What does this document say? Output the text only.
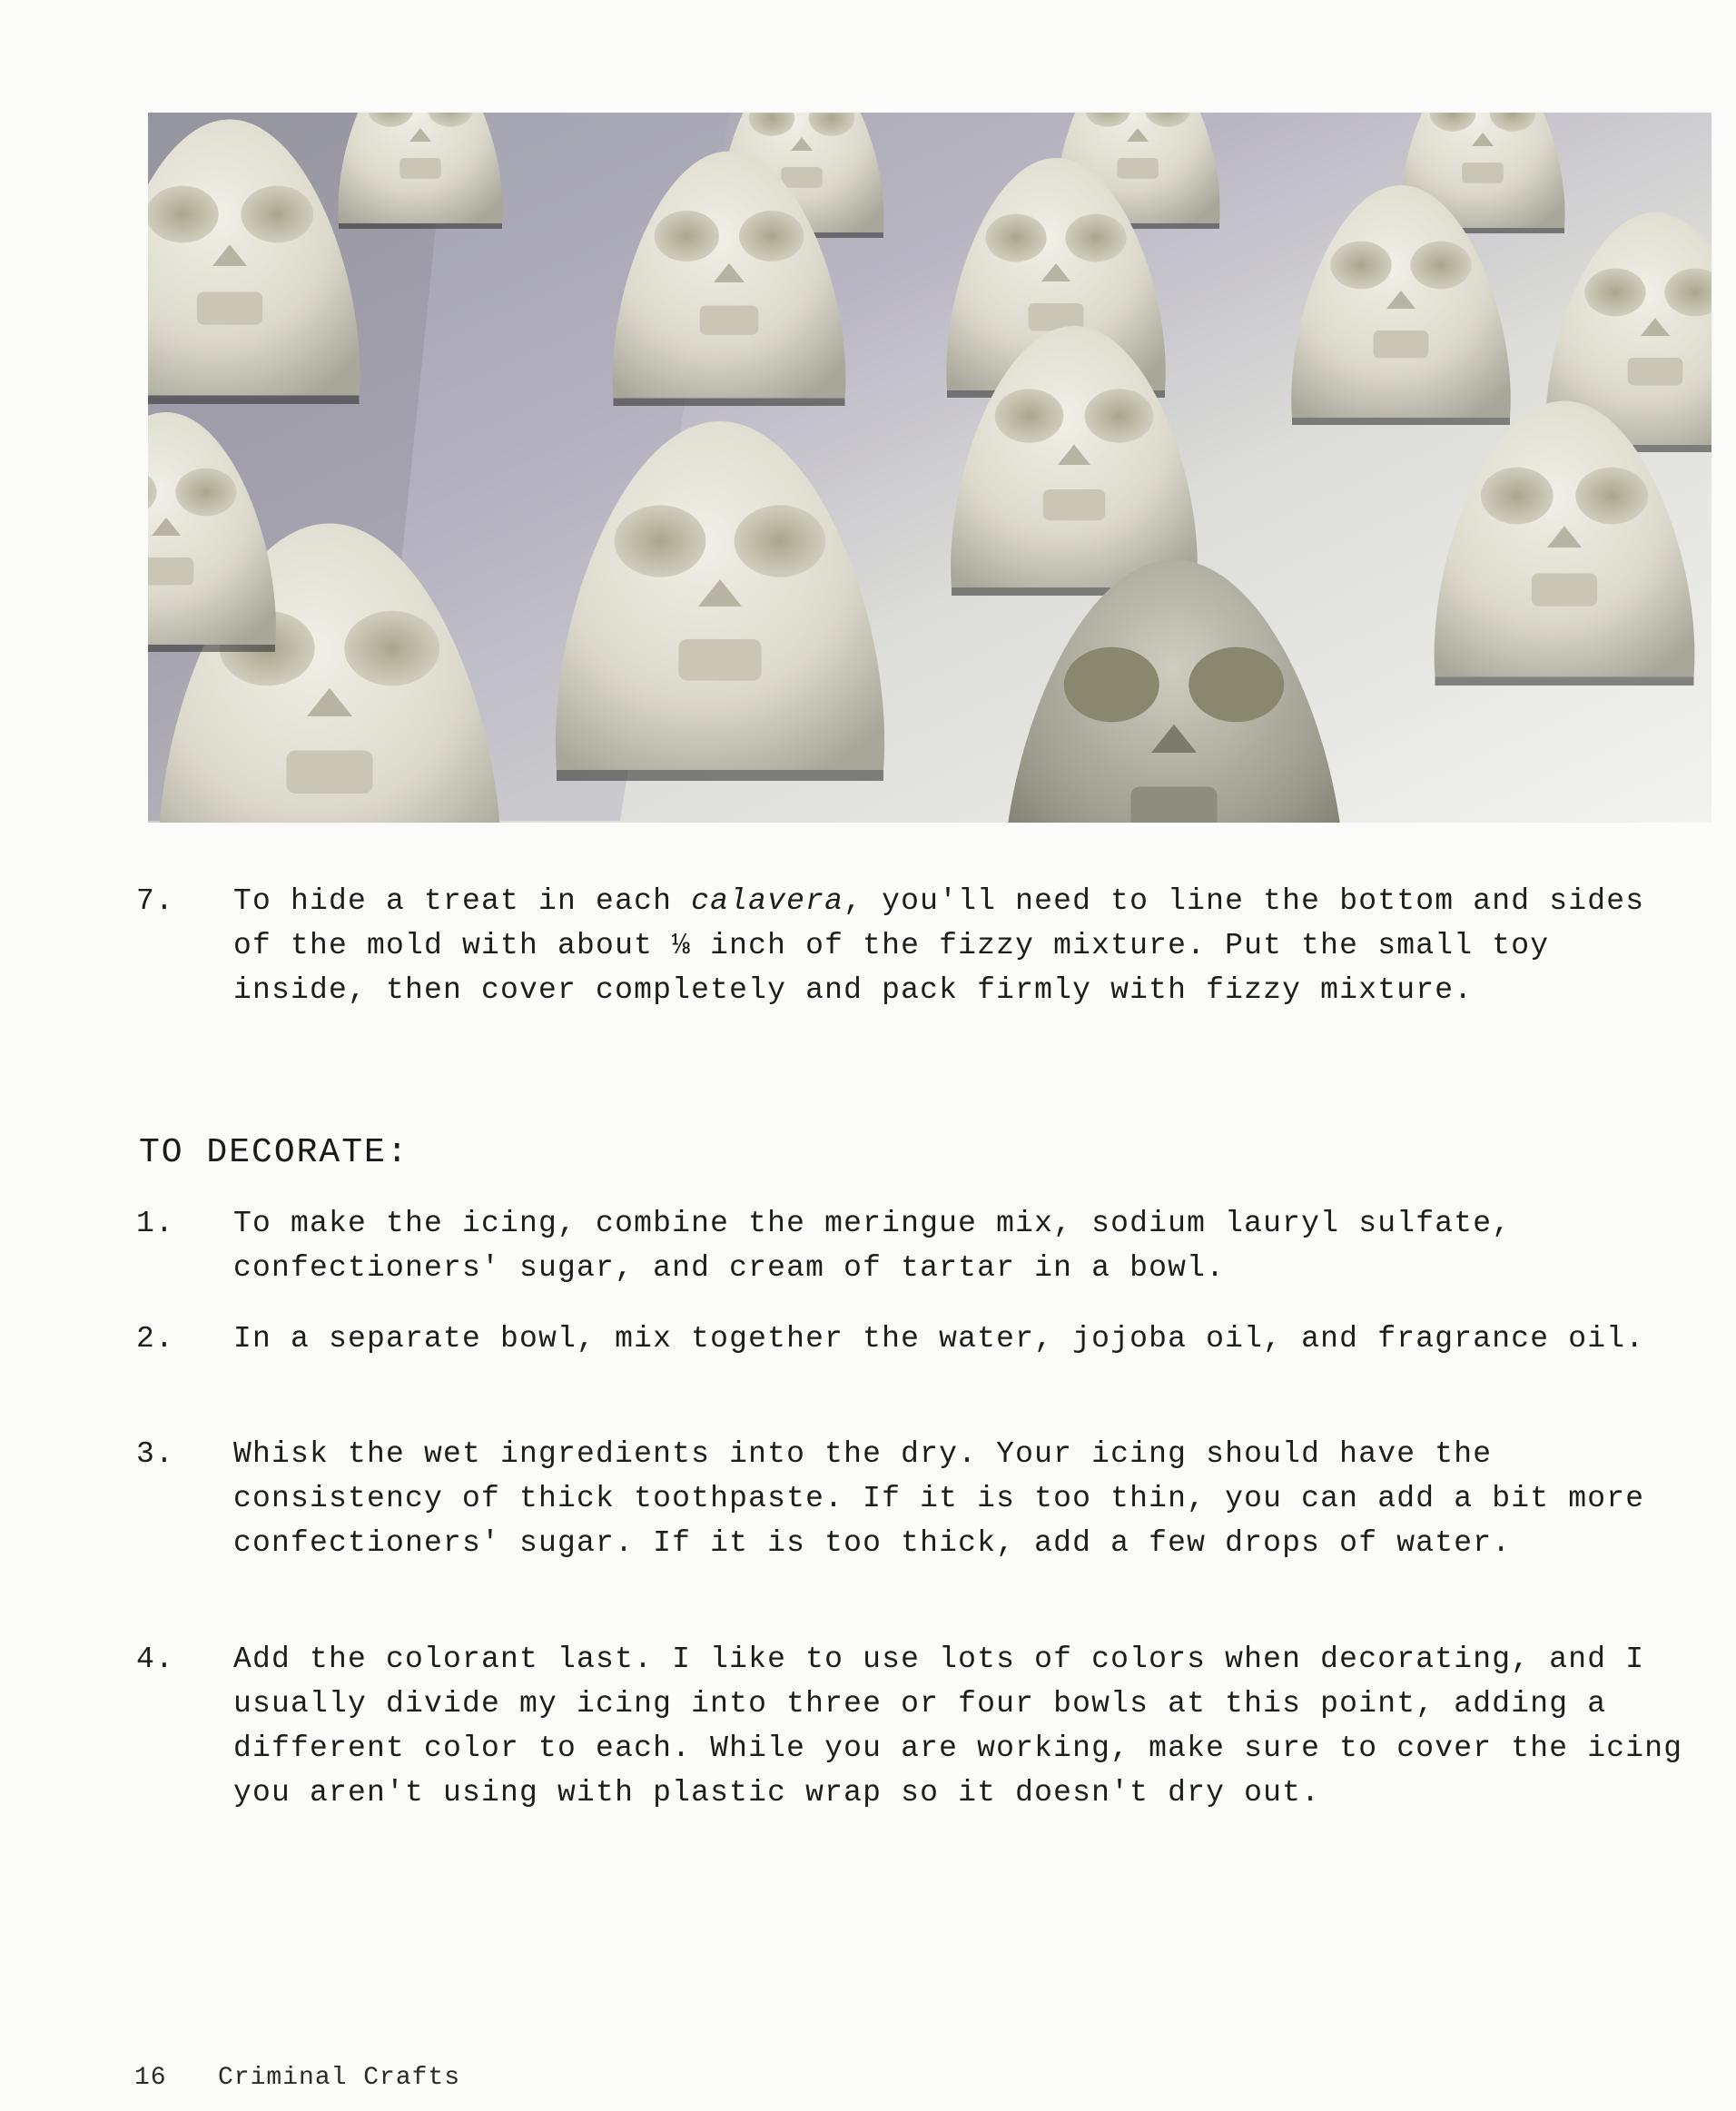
7.	To hide a treat in each calavera, you'll need to line the bottom and sides of the mold with about ⅛ inch of the fizzy mixture. Put the small toy inside, then cover completely and pack firmly with fizzy mixture.
TO DECORATE:
1.	To make the icing, combine the meringue mix, sodium lauryl sulfate, confectioners' sugar, and cream of tartar in a bowl.
2.	In a separate bowl, mix together the water, jojoba oil, and fragrance oil.
3.	Whisk the wet ingredients into the dry. Your icing should have the consistency of thick toothpaste. If it is too thin, you can add a bit more confectioners' sugar. If it is too thick, add a few drops of water.
4.	Add the colorant last. I like to use lots of colors when decorating, and I usually divide my icing into three or four bowls at this point, adding a different color to each. While you are working, make sure to cover the icing you aren't using with plastic wrap so it doesn't dry out.
16 Criminal Crafts
